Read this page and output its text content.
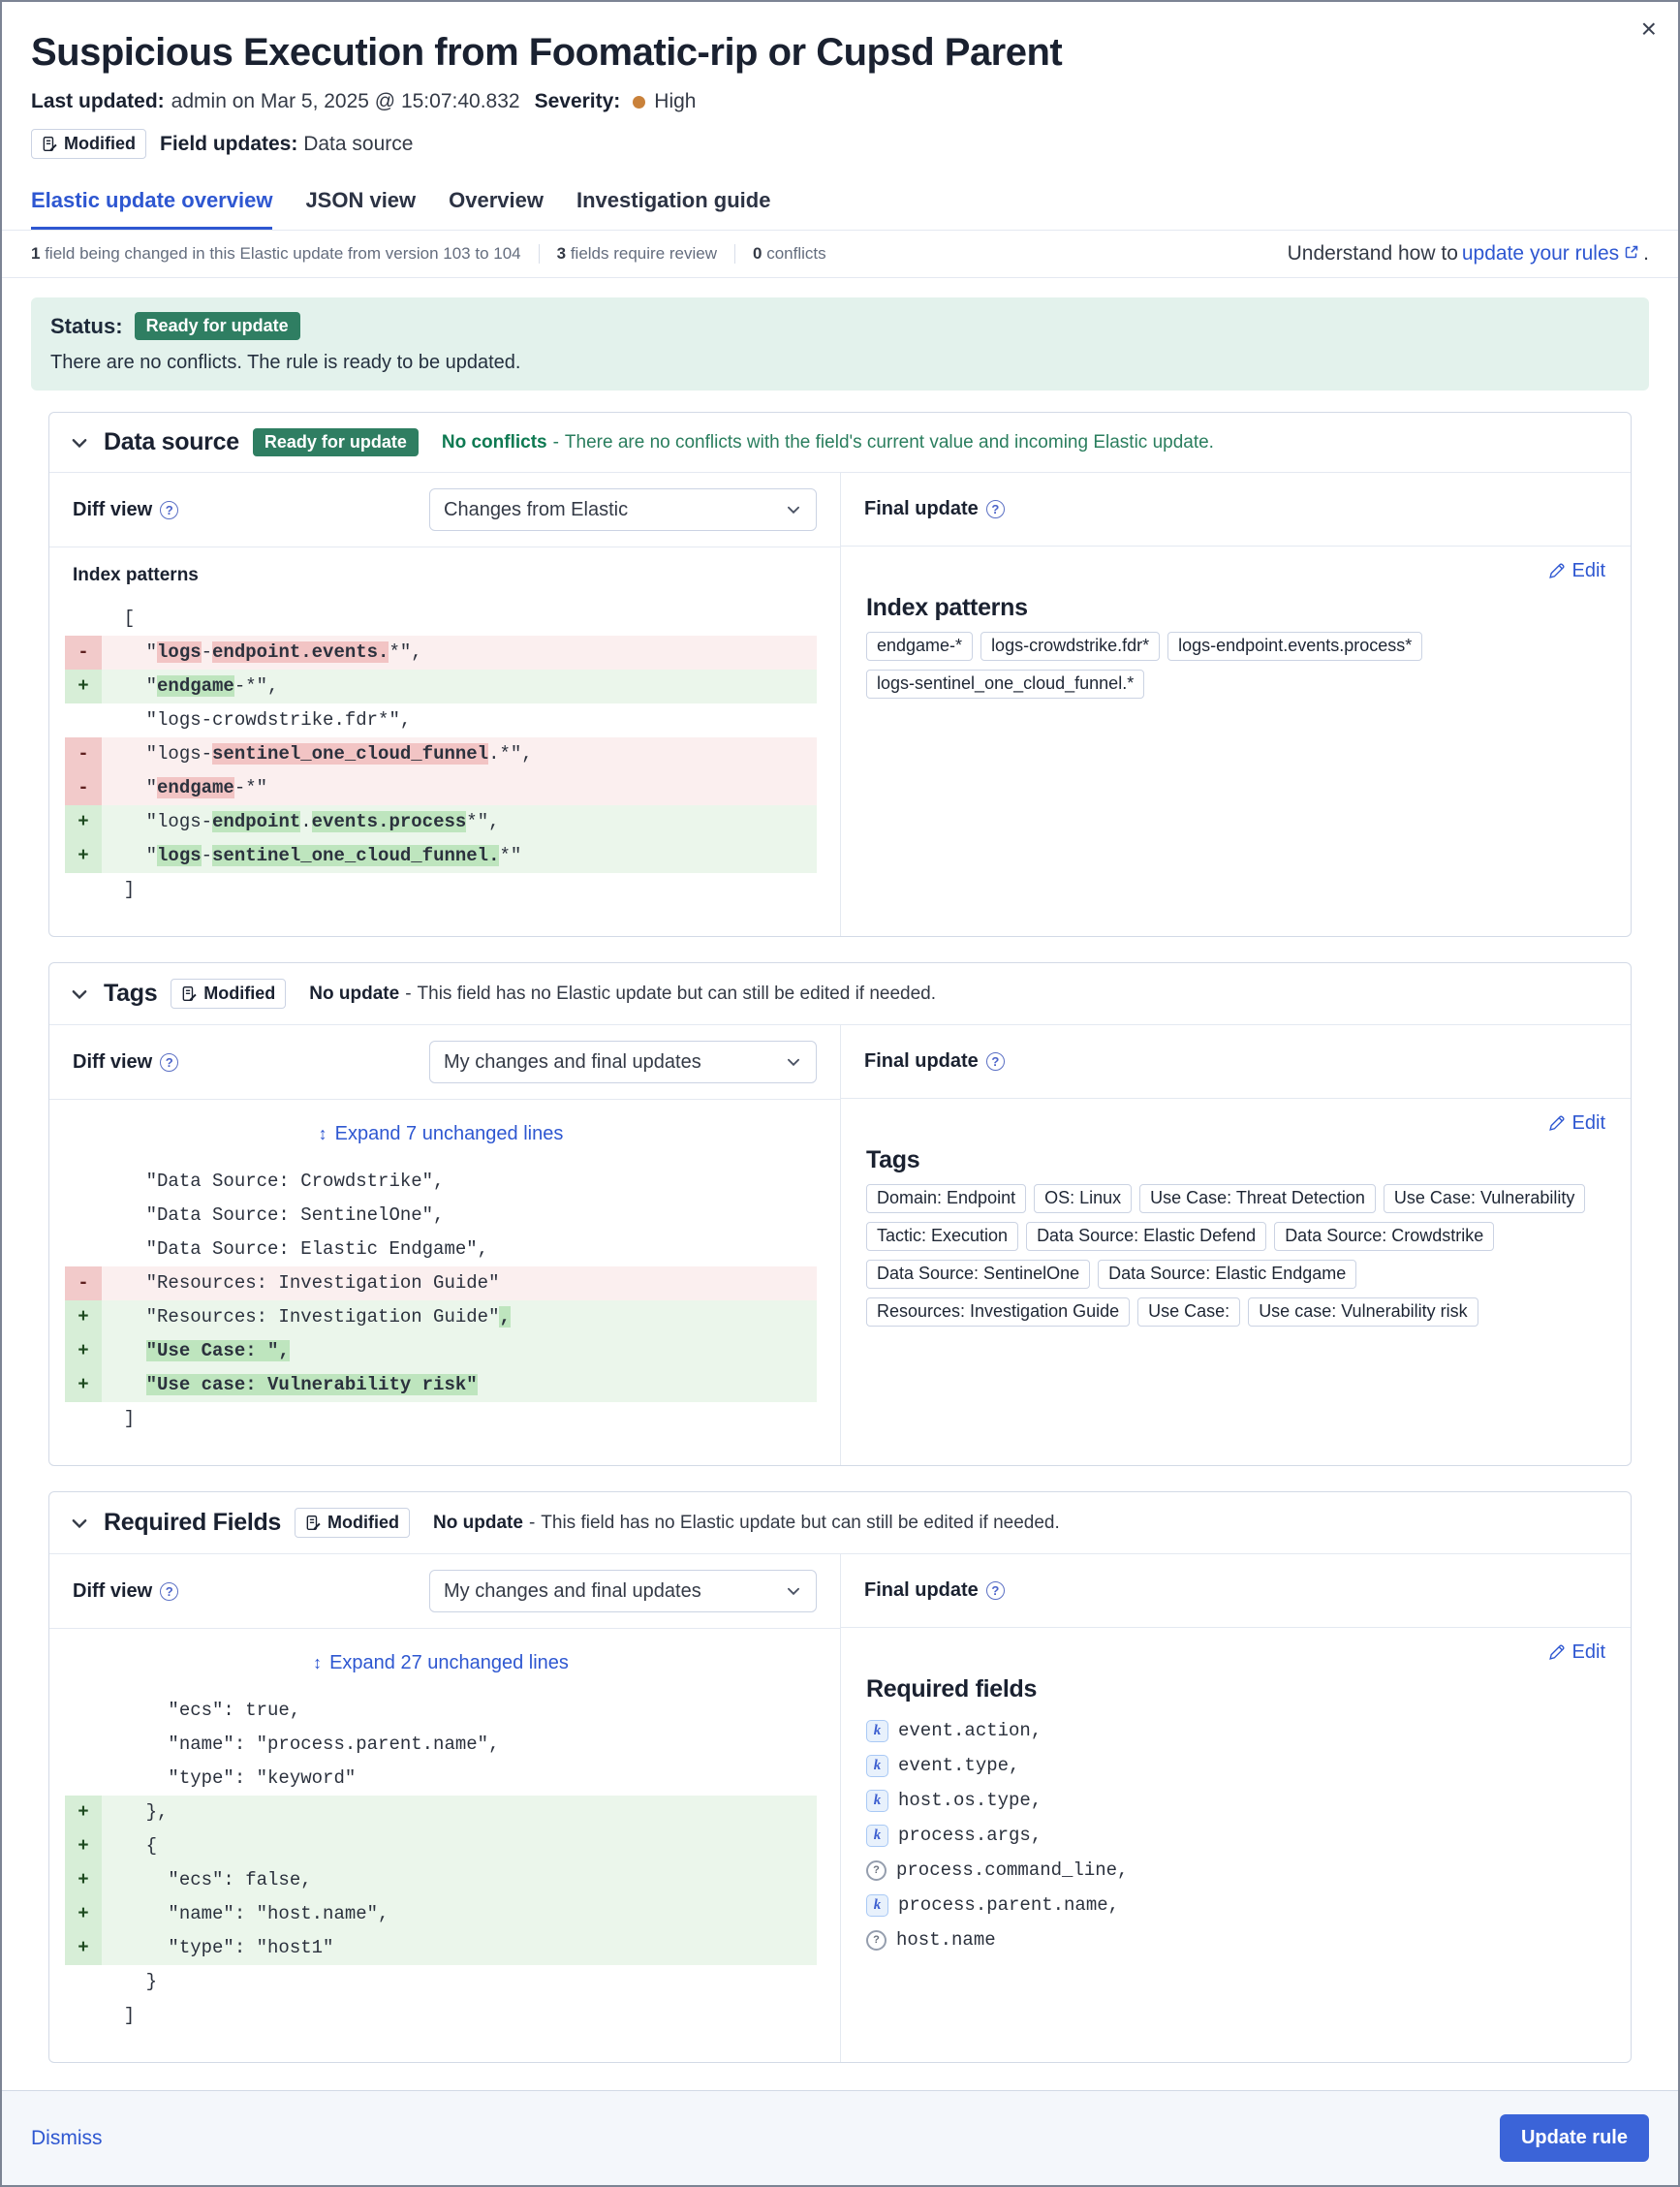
×
Suspicious Execution from Foomatic-rip or Cupsd Parent
Last updated: admin on Mar 5, 2025 @ 15:07:40.832 Severity: High
Modified Field updates: Data source
Elastic update overview JSON view Overview Investigation guide
1 field being changed in this Elastic update from version 103 to 104	3 fields require review	0 conflicts	Understand how to update your rules .
Status:	Ready for update
There are no conflicts. The rule is ready to be updated.
Data source	Ready for update	No conflicts - There are no conflicts with the field's current value and incoming Elastic update.
Diff view	?	Changes from Elastic
Index patterns
[
- "logs-endpoint.events.*",
+ "endgame-*",
"logs-crowdstrike.fdr*",
- "logs-sentinel_one_cloud_funnel.*",
- "endgame-*"
+ "logs-endpoint.events.process*",
+ "logs-sentinel_one_cloud_funnel.*"
]
Final update	?
Edit
Index patterns
endgame-*	logs-crowdstrike.fdr*	logs-endpoint.events.process*
logs-sentinel_one_cloud_funnel.*
Tags	Modified No update - This field has no Elastic update but can still be edited if needed.
Diff view	?	My changes and final updates
↕ Expand 7 unchanged lines
"Data Source: Crowdstrike",
"Data Source: SentinelOne",
"Data Source: Elastic Endgame",
- "Resources: Investigation Guide"
+ "Resources: Investigation Guide",
+	"Use Case: ",
+	"Use case: Vulnerability risk"
]
Final update	?
Edit
Tags
Domain: Endpoint	OS: Linux	Use Case: Threat Detection	Use Case: Vulnerability
Tactic: Execution	Data Source: Elastic Defend	Data Source: Crowdstrike
Data Source: SentinelOne	Data Source: Elastic Endgame
Resources: Investigation Guide	Use Case:	Use case: Vulnerability risk
Required Fields	Modified No update - This field has no Elastic update but can still be edited if needed.
Diff view	?	My changes and final updates
↕ Expand 27 unchanged lines
"ecs": true,
"name": "process.parent.name",
"type": "keyword"
+ },
+ {
+ "ecs": false,
+ "name": "host.name",
+ "type": "host1"
}
]
Final update	?
Edit
Required fields
k event.action,
k event.type,
k host.os.type,
k process.args,
? process.command_line,
k process.parent.name,
? host.name
Dismiss	Update rule
